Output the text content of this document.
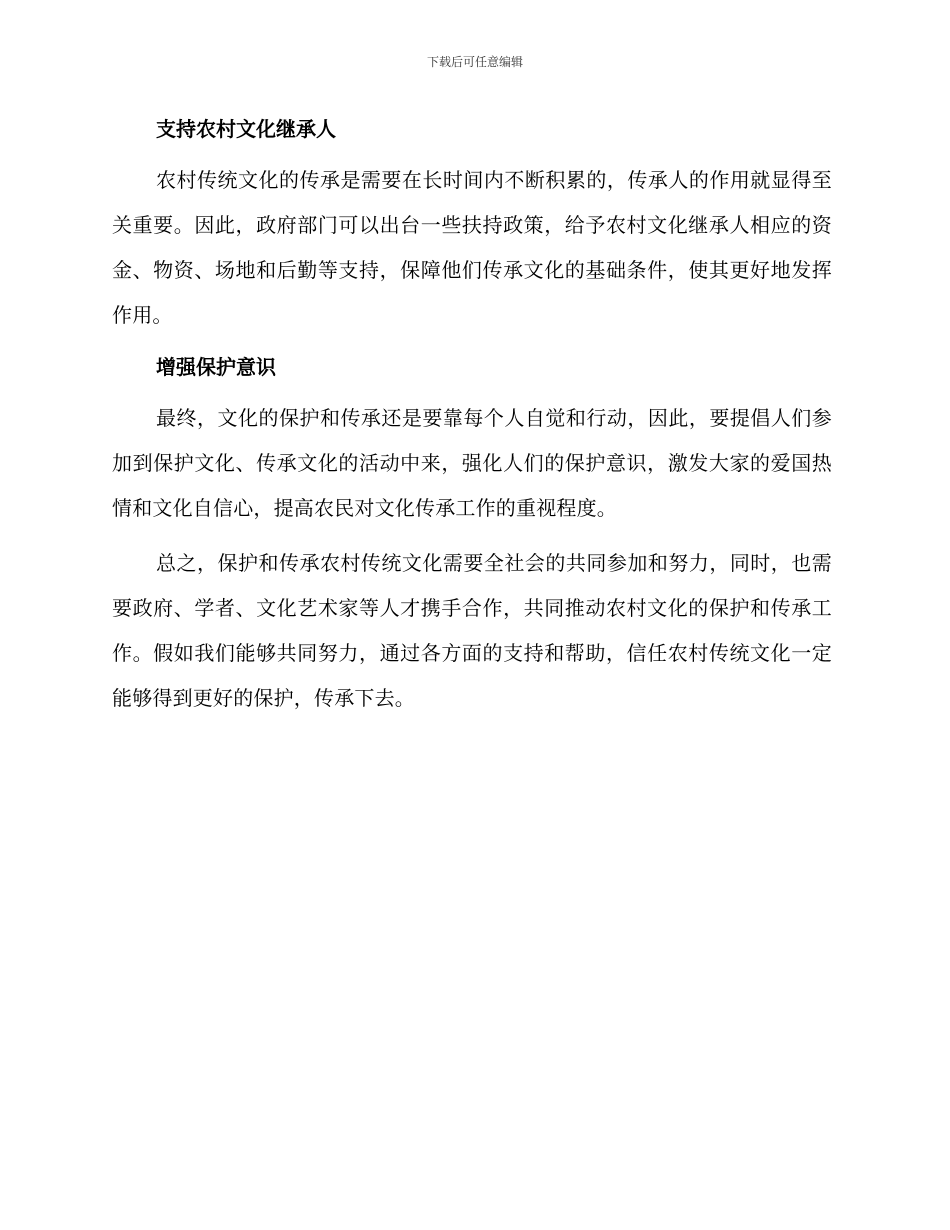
下载后可任意编辑
支持农村文化继承人

农村传统文化的传承是需要在长时间内不断积累的，传承人的作用就显得至关重要。因此，政府部门可以出台一些扶持政策，给予农村文化继承人相应的资金、物资、场地和后勤等支持，保障他们传承文化的基础条件，使其更好地发挥作用。

增强保护意识

最终，文化的保护和传承还是要靠每个人自觉和行动，因此，要提倡人们参加到保护文化、传承文化的活动中来，强化人们的保护意识，激发大家的爱国热情和文化自信心，提高农民对文化传承工作的重视程度。

总之，保护和传承农村传统文化需要全社会的共同参加和努力，同时，也需要政府、学者、文化艺术家等人才携手合作，共同推动农村文化的保护和传承工作。假如我们能够共同努力，通过各方面的支持和帮助，信任农村传统文化一定能够得到更好的保护，传承下去。
